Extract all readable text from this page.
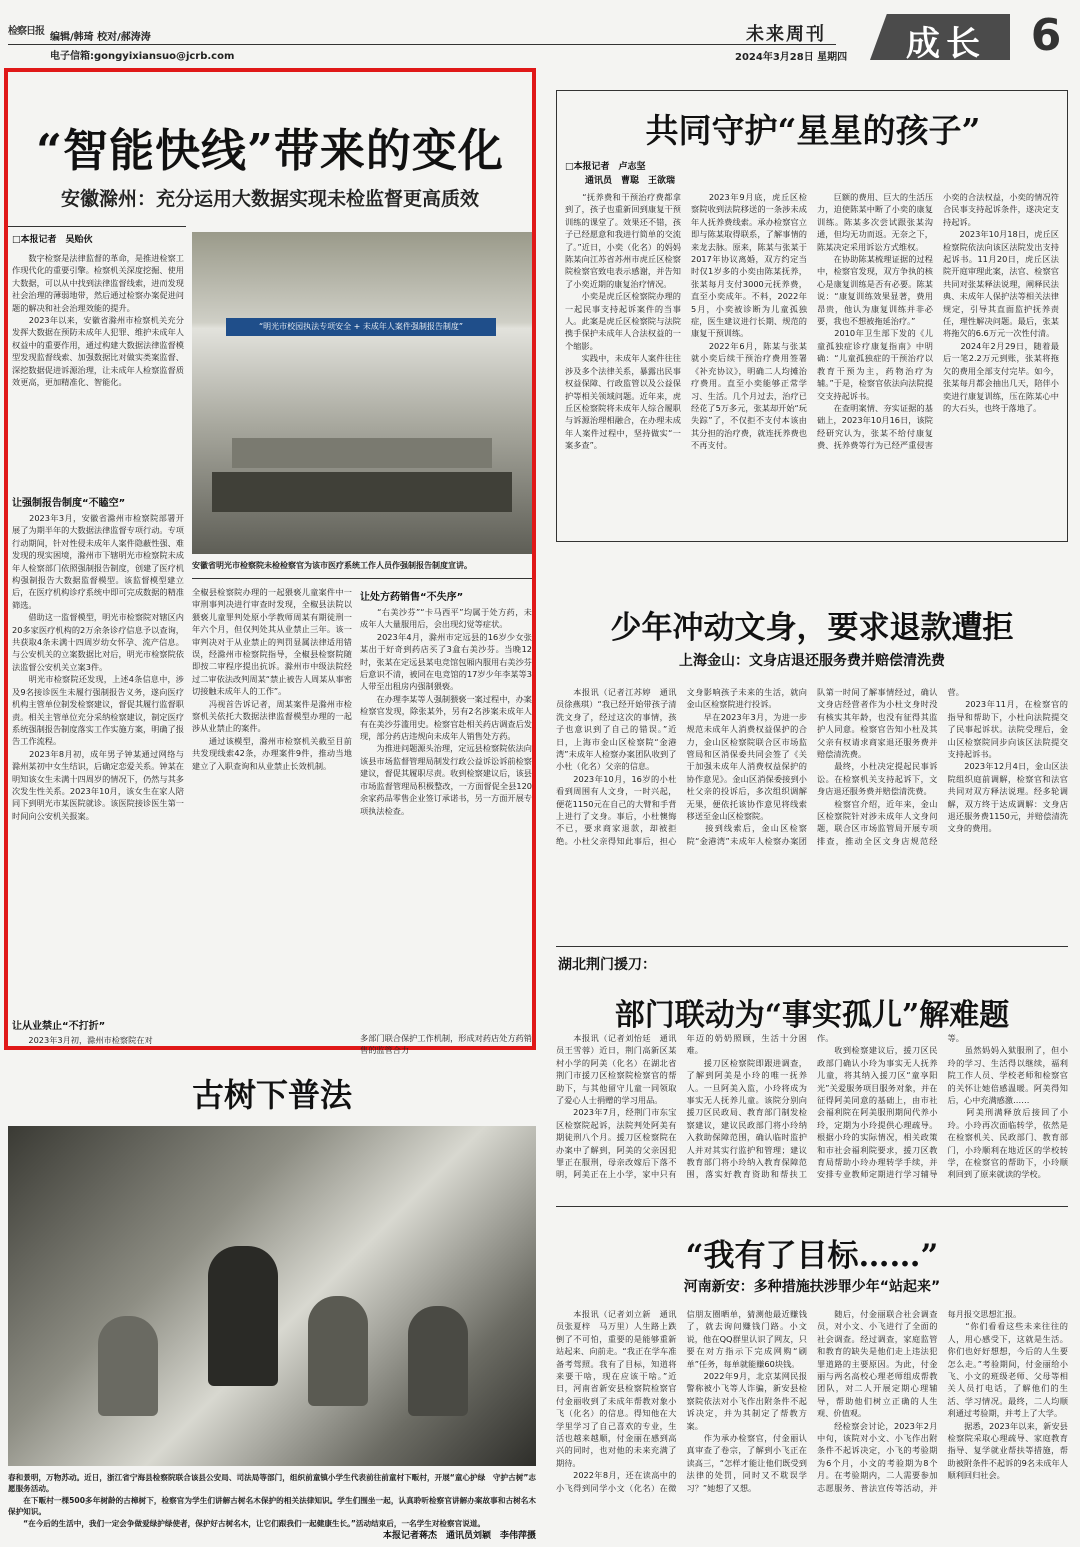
检察日报
编辑/韩琦 校对/郝涛涛
电子信箱:gongyixiansuo@jcrb.com
未来周刊
2024年3月28日 星期四 成长 6
“智能快线”带来的变化
安徽滁州：充分运用大数据实现未检监督更高质效
□本报记者　吴贻伙
　　数字检察是法律监督的革命，是推进检察工作现代化的重要引擎。检察机关深度挖掘、使用大数据，可以从中找到法律监督线索，进而发现社会治理的薄弱地带，然后通过检察办案促进问题的解决和社会治理效能的提升。
　　2023年以来，安徽省滁州市检察机关充分发挥大数据在预防未成年人犯罪、维护未成年人权益中的重要作用，通过构建大数据法律监督模型发现监督线索、加强数据比对做实类案监督、深挖数据促进诉源治理，让未成年人检察监督质效更高，更加精准化、智能化。
让强制报告制度“不瞌空”
　　2023年3月，安徽省滁州市检察院部署开展了为期半年的大数据法律监督专项行动。专项行动期间，针对性侵未成年人案件隐蔽性强、难发现的现实困境，滁州市下辖明光市检察院未成年人检察部门依照强制报告制度，创建了医疗机构强制报告大数据监督模型。该监督模型建立后，在医疗机构诊疗系统中即可完成数据的精准筛选。
　　借助这一监督模型，明光市检察院对辖区内20多家医疗机构的2万余条诊疗信息予以查询，共获取4条未满十四周岁幼女怀孕、流产信息。与公安机关的立案数据比对后，明光市检察院依法监督公安机关立案3件。
　　明光市检察院还发现，上述4条信息中，涉及9名接诊医生未履行强制报告义务，遂向医疗机构主管单位制发检察建议，督促其履行监督职责。相关主管单位充分采纳检察建议，制定医疗系统强制报告制度落实工作实施方案，明确了报告工作流程。
　　2023年8月初，成年男子钟某通过网络与滁州某初中女生结识，后确定恋爱关系。钟某在明知该女生未满十四周岁的情况下，仍然与其多次发生性关系。2023年10月，该女生在家人陪同下到明光市某医院就诊。该医院接诊医生第一时间向公安机关报案。
让从业禁止“不打折”
　　2023年3月初，滁州市检察院在对
“明光市校园执法专项安全 + 未成年人案件强制报告制度”
安徽省明光市检察院未检检察官为该市医疗系统工作人员作强制报告制度宣讲。
全椒县检察院办理的一起猥亵儿童案件中一审刑事判决进行审查时发现，全椒县法院以猥亵儿童罪判处原小学教师周某有期徒刑一年六个月，但仅判处其从业禁止三年。该一审判决对于从业禁止的判罚显属法律适用错误，经滁州市检察院指导，全椒县检察院随即按二审程序提出抗诉。滁州市中级法院经过二审依法改判周某“禁止被告人周某从事密切接触未成年人的工作”。
　　冯视首告诉记者，周某案件是滁州市检察机关依托大数据法律监督模型办理的一起涉从业禁止的案件。
　　通过该模型，滁州市检察机关截至目前共发现线索42条，办理案件9件，推动当地建立了入职查询和从业禁止长效机制。
让处方药销售“不失序”
　　“右美沙芬”“卡马西平”均属于处方药，未成年人大量服用后，会出现幻觉等症状。
　　2023年4月，滁州市定远县的16岁少女张某出于好奇到药店买了3盒右美沙芬。当晚12时，张某在定远县某电竞馆包厢内服用右美沙芬后意识不清，被同在电竞馆的17岁少年李某等3人带至出租房内强制猥亵。
　　在办理李某等人强制猥亵一案过程中，办案检察官发现，除张某外，另有2名涉案未成年人有在美沙芬滥用史。检察官赴相关药店调查后发现，部分药店违规向未成年人销售处方药。
　　为推进问题源头治理，定远县检察院依法向该县市场监督管理局制发行政公益诉讼诉前检察建议，督促其履职尽责。收到检察建议后，该县市场监督管理局积极整改，一方面督促全县120余家药品零售企业签订承诺书，另一方面开展专项执法检查。
多部门联合保护工作机制，形成对药店处方药销售的监管合力
共同守护“星星的孩子”
□本报记者　卢志坚
通讯员　曹聪　王欲瑞
　　“抚养费和干预治疗费都拿到了，孩子也重新回到康复干预训练的课堂了。效果还不错，孩子已经愿意和我进行简单的交流了。”近日，小奕（化名）的妈妈陈某向江苏省苏州市虎丘区检察院检察官致电表示感谢，并告知了小奕近期的康复治疗情况。
　　小奕是虎丘区检察院办理的一起民事支持起诉案件的当事人。此案是虎丘区检察院与法院携手保护未成年人合法权益的一个缩影。
　　实践中，未成年人案件往往涉及多个法律关系，暴露出民事权益保障、行政监管以及公益保护等相关领域问题。近年来，虎丘区检察院将未成年人综合履职与诉源治理相融合，在办理未成年人案件过程中，坚持做实“一案多查”。
　　2023年9月底，虎丘区检察院收到法院移送的一条涉未成年人抚养费线索。承办检察官立即与陈某取得联系，了解事情的来龙去脉。原来，陈某与张某于2017年协议离婚，双方约定当时仅1岁多的小奕由陈某抚养，张某每月支付3000元抚养费，直至小奕成年。不料，2022年5月，小奕被诊断为儿童孤独症，医生建议进行长期、规范的康复干预训练。
　　2022年6月，陈某与张某就小奕后续干预治疗费用签署《补充协议》，明确二人均摊治疗费用。直至小奕能够正常学习、生活。几个月过去，治疗已经花了5万多元，张某却开始“玩失踪”了，不仅拒不支付本该由其分担的治疗费，就连抚养费也不再支付。
　　巨额的费用、巨大的生活压力，迫使陈某中断了小奕的康复训练。陈某多次尝试跟张某沟通，但均无功而返。无奈之下，陈某决定采用诉讼方式维权。
　　在协助陈某梳理证据的过程中，检察官发现，双方争执的核心是康复训练是否有必要。陈某说：“康复训练效果显著，费用昂贵，他认为康复训练并非必要，我也不想被拖延治疗。”
　　2010年卫生部下发的《儿童孤独症诊疗康复指南》中明确：“儿童孤独症的干预治疗以教育干预为主，药物治疗为辅。”于是，检察官依法向法院提交支持起诉书。
　　在查明案情、夯实证据的基础上，2023年10月16日，该院经研究认为，张某不给付康复费、抚养费等行为已经严重侵害小奕的合法权益，小奕的情况符合民事支持起诉条件，遂决定支持起诉。
　　2023年10月18日，虎丘区检察院依法向该区法院发出支持起诉书。11月20日，虎丘区法院开庭审理此案，法官、检察官共同对张某释法说理，阐释民法典、未成年人保护法等相关法律规定，引导其直面监护抚养责任，理性解决问题。最后，张某将拖欠的6.6万元一次性付清。
　　2024年2月29日，随着最后一笔2.2万元到账，张某将拖欠的费用全部支付完毕。如今，张某每月都会抽出几天，陪伴小奕进行康复训练，压在陈某心中的大石头，也终于落地了。
少年冲动文身，要求退款遭拒
上海金山：文身店退还服务费并赔偿清洗费
　　本报讯（记者江苏婷　通讯员徐燕琪）“我已经开始带孩子清洗文身了，经过这次的事情，孩子也意识到了自己的错误。”近日，上海市金山区检察院“金港湾”未成年人检察办案团队收到了小杜（化名）父亲的信息。
　　2023年10月，16岁的小杜看到周围有人文身，一时兴起，便花1150元在自己的大臂和手背上进行了文身。事后，小杜懊悔不已，要求商家退款，却被拒绝。小杜父亲得知此事后，担心文身影响孩子未来的生活，就向金山区检察院进行投诉。
　　早在2023年3月，为进一步规范未成年人消费权益保护的合力，金山区检察院联合区市场监管局和区消保委共同会签了《关于加强未成年人消费权益保护的协作意见》。金山区消保委接到小杜父亲的投诉后，多次组织调解无果，便依托该协作意见将线索移送至金山区检察院。
　　接到线索后，金山区检察院“金港湾”未成年人检察办案团队第一时间了解事情经过，确认文身店经营者作为小杜文身时没有核实其年龄，也没有征得其监护人同意。检察官告知小杜及其父亲有权请求商家退还服务费并赔偿清洗费。
　　最终，小杜决定提起民事诉讼。在检察机关支持起诉下，文身店退还服务费并赔偿清洗费。
　　检察官介绍，近年来，金山区检察院针对涉未成年人文身问题，联合区市场监管局开展专项排查，推动全区文身店规范经营。
　　2023年11月，在检察官的指导和帮助下，小杜向法院提交了民事起诉状。法院受理后，金山区检察院同步向该区法院提交支持起诉书。
　　2023年12月4日，金山区法院组织庭前调解，检察官和法官共同对双方释法说理。经多轮调解，双方终于达成调解：文身店退还服务费1150元，并赔偿清洗文身的费用。
湖北荆门援刀：
部门联动为“事实孤儿”解难题
　　本报讯（记者刘怡廷　通讯员王雪蓉）近日，荆门高新区某村小学的阿美（化名）在湖北省荆门市援刀区检察院检察官的帮助下，与其他留守儿童一同领取了爱心人士捐赠的学习用品。
　　2023年7月，经荆门市东宝区检察院起诉，法院判处阿美有期徒刑八个月。援刀区检察院在办案中了解到，阿美的父亲因犯罪正在服刑，母亲改嫁后下落不明，阿美正在上小学，家中只有年迈的奶奶照顾，生活十分困难。
　　援刀区检察院即跟进调查，了解到阿美是小玲的唯一抚养人。一旦阿美入监，小玲将成为事实无人抚养儿童。该院分别向援刀区民政局、教育部门制发检察建议，建议民政部门将小玲纳入救助保障范围，确认临时监护人并对其实行监护和管理；建议教育部门将小玲纳入教育保障范围，落实好教育资助和帮扶工作。
　　收到检察建议后，援刀区民政部门确认小玲为事实无人抚养儿童，将其纳入援刀区“童享阳光”关爱服务项目服务对象，并在征得阿美同意的基础上，由市社会福利院在阿美服刑期间代养小玲，定期为小玲提供心理疏导。根据小玲的实际情况，相关政策和市社会福利院要求，援刀区教育局帮助小玲办理转学手续，并安排专业教师定期进行学习辅导等。
　　虽然妈妈入狱服刑了，但小玲的学习、生活得以继续，福利院工作人员、学校老师和检察官的关怀让她倍感温暖。阿美得知后，心中充满感激……
　　阿美刑满释放后接回了小玲。小玲再次面临转学，依然是在检察机关、民政部门、教育部门，小玲顺利在地近区的学校转学，在检察官的帮助下，小玲顺利回到了原来就读的学校。
古树下普法
春和景明，万物苏动。近日，浙江省宁海县检察院联合该县公安局、司法局等部门，组织前童镇小学生代表前往前童村下畈村，开展“童心护绿　守护古树”志愿服务活动。
　　在下畈村一棵500多年树龄的古樟树下，检察官为学生们讲解古树名木保护的相关法律知识。学生们围坐一起，认真聆听检察官讲解办案故事和古树名木保护知识。
　　“在今后的生活中，我们一定会争做爱绿护绿使者，保护好古树名木，让它们跟我们一起健康生长。”活动结束后，一名学生对检察官说道。
本报记者蒋杰　通讯员刘颖　李伟萍摄
“我有了目标……”
河南新安：多种措施扶涉罪少年“站起来”
　　本报讯（记者刘立新　通讯员张夏梓　马万里）人生路上跌倒了不可怕，重要的是能够重新站起来、向前走。“我正在学车准备考驾照。我有了目标，知道将来要干啥，现在应该干啥。”近日，河南省新安县检察院检察官付金丽收到了未成年帮教对象小飞（化名）的信息。得知他在大学里学习了自己喜欢的专业，生活也越来越顺，付金丽在感到高兴的同时，也对他的未来充满了期待。
　　2022年8月，还在读高中的小飞得到同学小文（化名）在微信朋友圈晒单，猜测他最近赚钱了，就去询问赚钱门路。小文说，他在QQ群里认识了网友，只要在对方指示下完成网购“刷单”任务，每单就能赚60块钱。
　　2022年9月，北京某网民报警称被小飞等人诈骗，新安县检察院依法对小飞作出附条件不起诉决定，并为其制定了帮教方案。
　　作为承办检察官，付金丽认真审查了卷宗，了解到小飞正在读高三，“怎样才能让他们既受到法律的处罚，同时又不耽误学习？”她想了又想。
　　随后，付金丽联合社会调查员，对小文、小飞进行了全面的社会调查。经过调查，家庭监管和教育的缺失是他们走上违法犯罪道路的主要原因。为此，付金丽与两名高校心理老师组成帮教团队，对二人开展定期心理辅导，帮助他们树立正确的人生观、价值观。
　　经检察会讨论，2023年2月中旬，该院对小文、小飞作出附条件不起诉决定，小飞的考验期为6个月，小文的考验期为8个月。在考验期内，二人需要参加志愿服务、普法宣传等活动，并每月报交思想汇报。
　　“你们看看这些未来往往的人，用心感受下，这就是生活。你们也好好想想，今后的人生要怎么走。”考验期间，付金丽给小飞、小文的班级老师、父母等相关人员打电话，了解他们的生活、学习情况。最终，二人均顺利通过考验期，并考上了大学。
　　据悉，2023年以来，新安县检察院采取心理疏导、家庭教育指导、复学就业帮扶等措施，帮助被附条件不起诉的9名未成年人顺利回归社会。
